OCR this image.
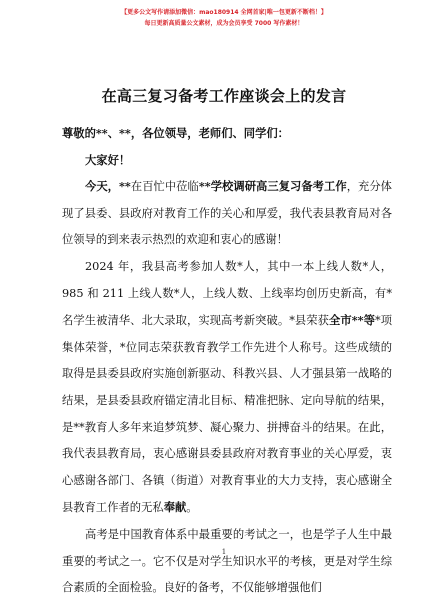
【更多公文写作请添加微信：mao180914 全网首家|唯一包更新不断档！】
每日更新高质量公文素材，成为会员享受 7000 写作素材！
在高三复习备考工作座谈会上的发言

尊敬的**、**，各位领导，老师们、同学们：

大家好！

今天，**在百忙中莅临**学校调研高三复习备考工作，充分体现了县委、县政府对教育工作的关心和厚爱，我代表县教育局对各位领导的到来表示热烈的欢迎和衷心的感谢！

2024 年，我县高考参加人数*人，其中一本上线人数*人，985 和 211 上线人数*人，上线人数、上线率均创历史新高，有*名学生被清华、北大录取，实现高考新突破。*县荣获全市**等*项集体荣誉，*位同志荣获教育教学工作先进个人称号。这些成绩的取得是县委县政府实施创新驱动、科教兴县、人才强县第一战略的结果，是县委县政府锚定清北目标、精准把脉、定向导航的结果，是**教育人多年来追梦筑梦、凝心聚力、拼搏奋斗的结果。在此，我代表县教育局，衷心感谢县委县政府对教育事业的关心厚爱，衷心感谢各部门、各镇（街道）对教育事业的大力支持，衷心感谢全县教育工作者的无私奉献。

高考是中国教育体系中最重要的考试之一，也是学子人生中最重要的考试之一。它不仅是对学生知识水平的考核，更是对学生综合素质的全面检验。良好的备考，不仅能够增强他们

1
